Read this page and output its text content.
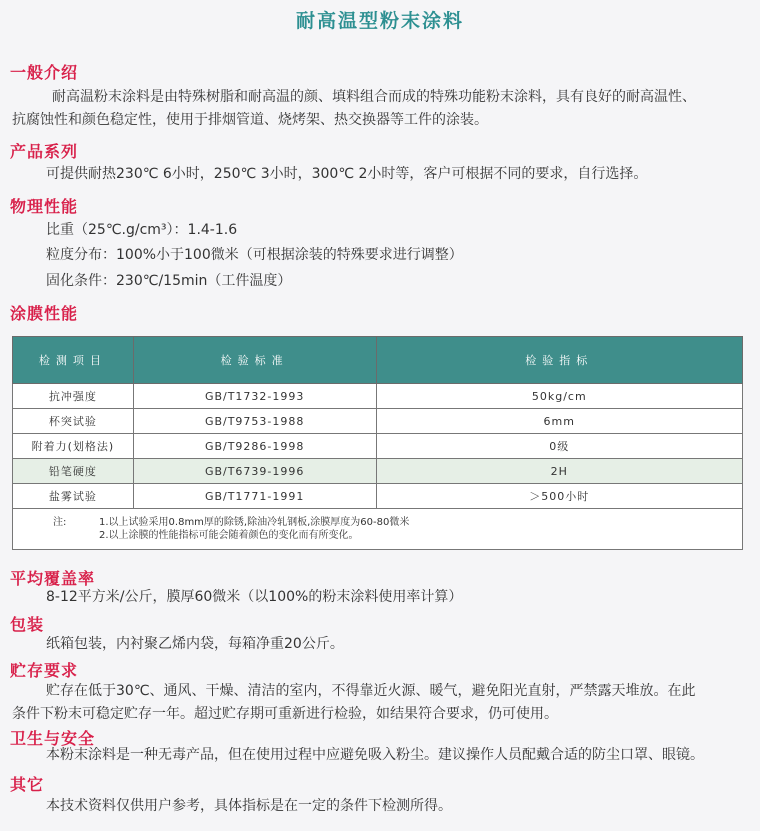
耐高温型粉末涂料
一般介绍
耐高温粉末涂料是由特殊树脂和耐高温的颜、填料组合而成的特殊功能粉末涂料，具有良好的耐高温性、
抗腐蚀性和颜色稳定性，使用于排烟管道、烧烤架、热交换器等工件的涂装。
产品系列
可提供耐热230℃ 6小时，250℃ 3小时，300℃ 2小时等，客户可根据不同的要求，自行选择。
物理性能
比重（25℃.g/cm³）：1.4-1.6
粒度分布：100%小于100微米（可根据涂装的特殊要求进行调整）
固化条件：230℃/15min（工件温度）
涂膜性能
检测项目	检验标准	检验指标
抗冲强度	GB/T1732-1993	50kg/cm
杯突试验	GB/T9753-1988	6mm
附着力(划格法)	GB/T9286-1998	0级
铅笔硬度	GB/T6739-1996	2H
盐雾试验	GB/T1771-1991	＞500小时
注: 1.以上试验采用0.8mm厚的除锈,除油冷轧钢板,涂膜厚度为60-80微米
2.以上涂膜的性能指标可能会随着颜色的变化而有所变化。		
平均覆盖率
8-12平方米/公斤，膜厚60微米（以100%的粉末涂料使用率计算）
包装
纸箱包装，内衬聚乙烯内袋，每箱净重20公斤。
贮存要求
贮存在低于30℃、通风、干燥、清洁的室内，不得靠近火源、暖气，避免阳光直射，严禁露天堆放。在此
条件下粉末可稳定贮存一年。超过贮存期可重新进行检验，如结果符合要求，仍可使用。
卫生与安全
本粉末涂料是一种无毒产品，但在使用过程中应避免吸入粉尘。建议操作人员配戴合适的防尘口罩、眼镜。
其它
本技术资料仅供用户参考，具体指标是在一定的条件下检测所得。
